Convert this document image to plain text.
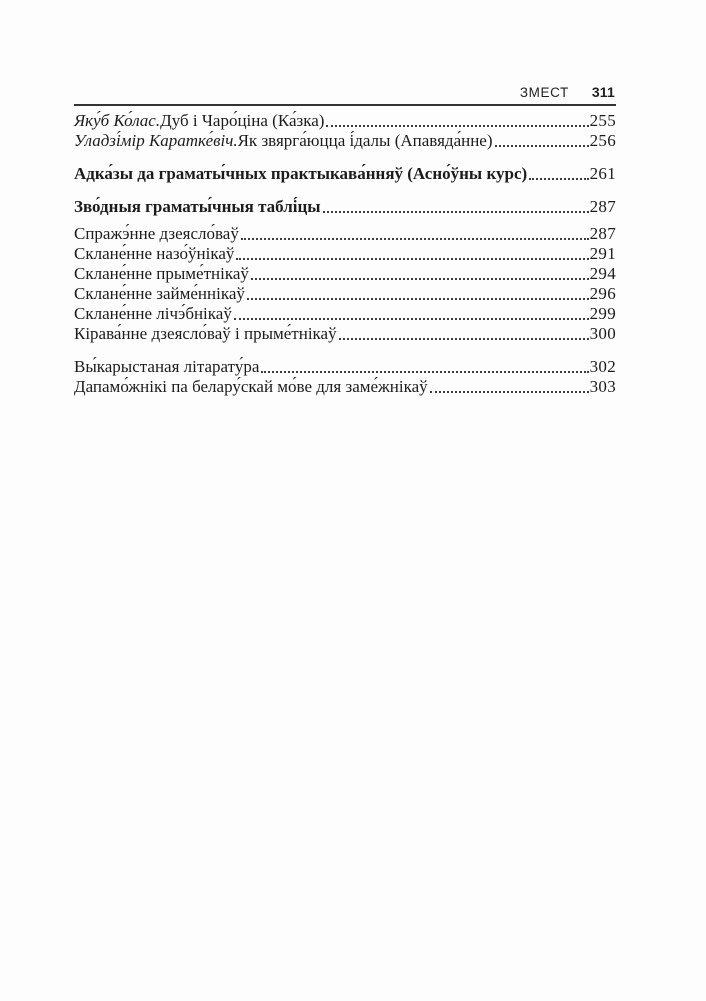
ЗМЕСТ 311
Яку́б Ко́лас. Дуб і Чаро́ціна (Ка́зка)	255
Уладзі́мір Каратке́віч. Як звярга́юцца і́далы (Апавяда́нне)	256
Адка́зы да граматы́чных практыкава́нняў (Асно́ўны курс)	261
Зво́дныя граматы́чныя таблі́цы	287
Спражэ́нне дзеясло́ваў	287
Склане́нне назо́ўнікаў	291
Склане́нне прыме́тнікаў	294
Склане́нне займе́ннікаў	296
Склане́нне лічэ́бнікаў	299
Кірава́нне дзеясло́ваў і прыме́тнікаў	300
Вы́карыстаная літарату́ра	302
Дапамо́жнікі па белару́скай мо́ве для заме́жнікаў	303
